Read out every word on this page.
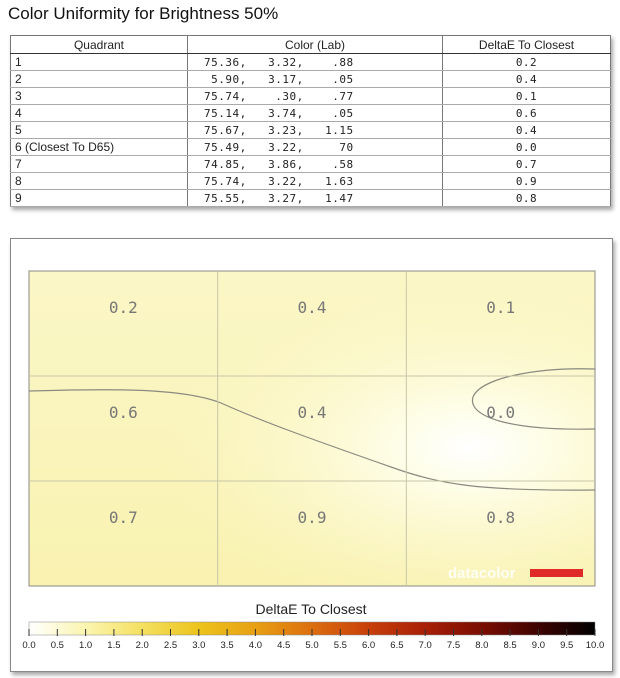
Color Uniformity for Brightness 50%
Quadrant	Color (Lab)	DeltaE To Closest
1	75.36,   3.32,    .88	0.2
2	5.90,   3.17,    .05	0.4
3	75.74,    .30,    .77	0.1
4	75.14,   3.74,    .05	0.6
5	75.67,   3.23,   1.15	0.4
6 (Closest To D65)	75.49,   3.22,     70	0.0
7	74.85,   3.86,    .58	0.7
8	75.74,   3.22,   1.63	0.9
9	75.55,   3.27,   1.47	0.8
0.2	0.4	0.1
0.6	0.4	0.0
0.7	0.9	0.8
datacolor
DeltaE To Closest
0.0 0.5 1.0 1.5 2.0 2.5 3.0 3.5 4.0 4.5 5.0 5.5 6.0 6.5 7.0 7.5 8.0 8.5 9.0 9.5 10.0
